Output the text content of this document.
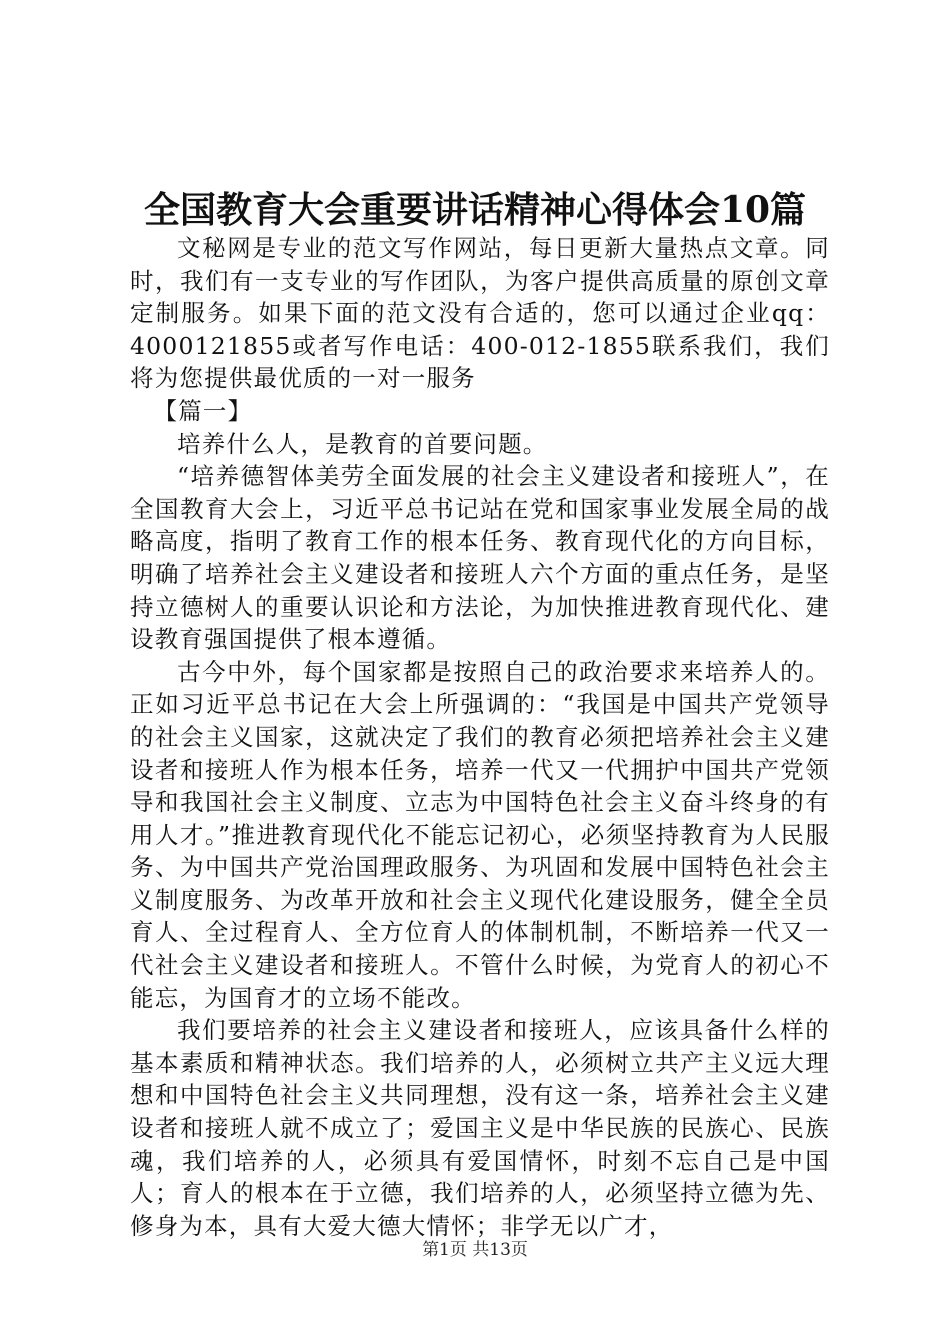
全国教育大会重要讲话精神心得体会10篇

文秘网是专业的范文写作网站，每日更新大量热点文章。同时，我们有一支专业的写作团队，为客户提供高质量的原创文章定制服务。如果下面的范文没有合适的，您可以通过企业qq：4000121855或者写作电话：400-012-1855联系我们，我们将为您提供最优质的一对一服务

【篇一】

培养什么人，是教育的首要问题。

“培养德智体美劳全面发展的社会主义建设者和接班人”，在全国教育大会上，习近平总书记站在党和国家事业发展全局的战略高度，指明了教育工作的根本任务、教育现代化的方向目标，明确了培养社会主义建设者和接班人六个方面的重点任务，是坚持立德树人的重要认识论和方法论，为加快推进教育现代化、建设教育强国提供了根本遵循。

古今中外，每个国家都是按照自己的政治要求来培养人的。正如习近平总书记在大会上所强调的：“我国是中国共产党领导的社会主义国家，这就决定了我们的教育必须把培养社会主义建设者和接班人作为根本任务，培养一代又一代拥护中国共产党领导和我国社会主义制度、立志为中国特色社会主义奋斗终身的有用人才。”推进教育现代化不能忘记初心，必须坚持教育为人民服务、为中国共产党治国理政服务、为巩固和发展中国特色社会主义制度服务、为改革开放和社会主义现代化建设服务，健全全员育人、全过程育人、全方位育人的体制机制，不断培养一代又一代社会主义建设者和接班人。不管什么时候，为党育人的初心不能忘，为国育才的立场不能改。

我们要培养的社会主义建设者和接班人，应该具备什么样的基本素质和精神状态。我们培养的人，必须树立共产主义远大理想和中国特色社会主义共同理想，没有这一条，培养社会主义建设者和接班人就不成立了；爱国主义是中华民族的民族心、民族魂，我们培养的人，必须具有爱国情怀，时刻不忘自己是中国人；育人的根本在于立德，我们培养的人，必须坚持立德为先、修身为本，具有大爱大德大情怀；非学无以广才，

第1页 共13页
